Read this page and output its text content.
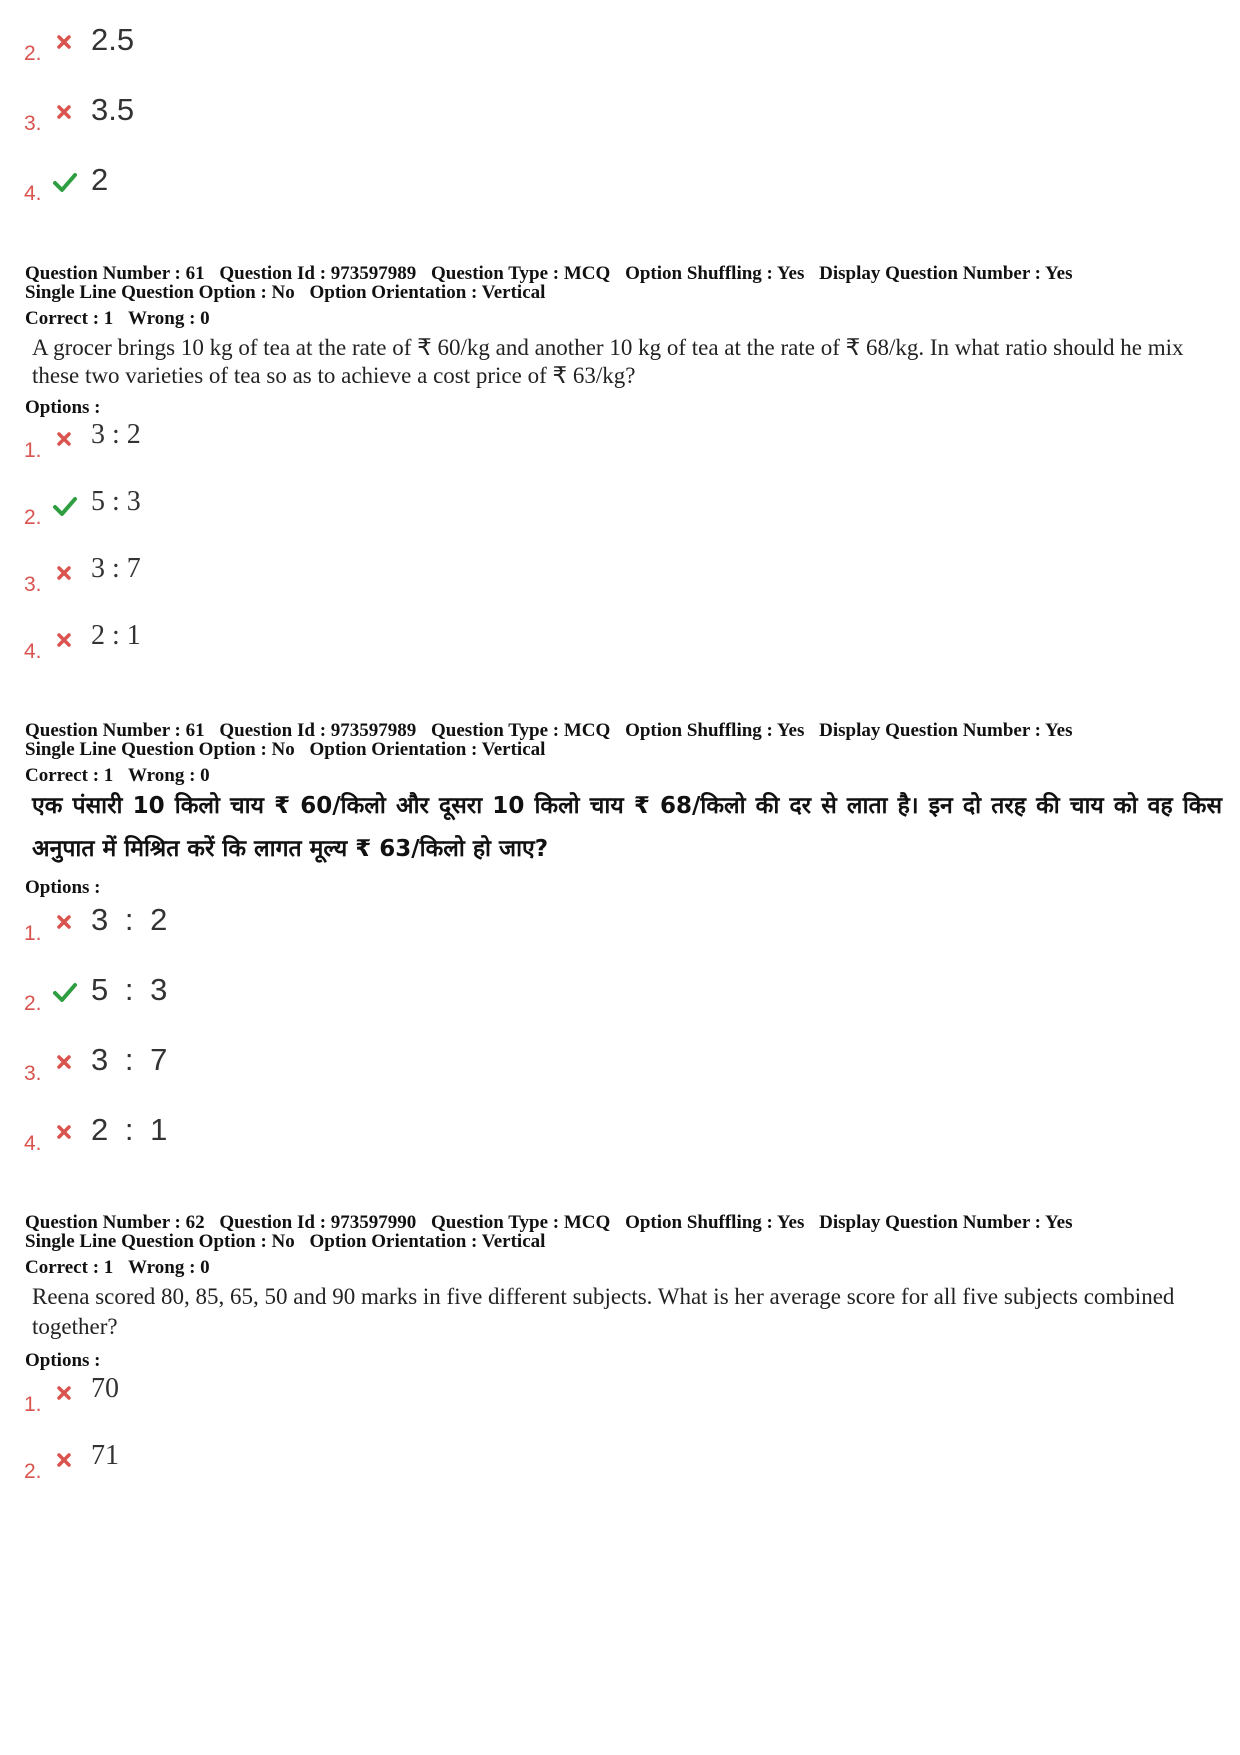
2. 2.5
3. 3.5
4. 2
Question Number : 61 Question Id : 973597989 Question Type : MCQ Option Shuffling : Yes Display Question Number : Yes
Single Line Question Option : No Option Orientation : Vertical
Correct : 1 Wrong : 0
A grocer brings 10 kg of tea at the rate of ₹ 60/kg and another 10 kg of tea at the rate of ₹ 68/kg. In what ratio should he mix these two varieties of tea so as to achieve a cost price of ₹ 63/kg?
Options :
1.
3 : 2
2.
5 : 3
3.
3 : 7
4.
2 : 1
Question Number : 61 Question Id : 973597989 Question Type : MCQ Option Shuffling : Yes Display Question Number : Yes
Single Line Question Option : No Option Orientation : Vertical
Correct : 1 Wrong : 0
एक पंसारी 10 किलो चाय ₹ 60/किलो और दूसरा 10 किलो चाय ₹ 68/किलो की दर से लाता है। इन दो तरह की चाय को वह किस अनुपात में मिश्रित करें कि लागत मूल्य ₹ 63/किलो हो जाए?
Options :
1. 3 : 2
2. 5 : 3
3. 3 : 7
4. 2 : 1
Question Number : 62 Question Id : 973597990 Question Type : MCQ Option Shuffling : Yes Display Question Number : Yes
Single Line Question Option : No Option Orientation : Vertical
Correct : 1 Wrong : 0
Reena scored 80, 85, 65, 50 and 90 marks in five different subjects. What is her average score for all five subjects combined together?
Options :
1.
70
2.
71
